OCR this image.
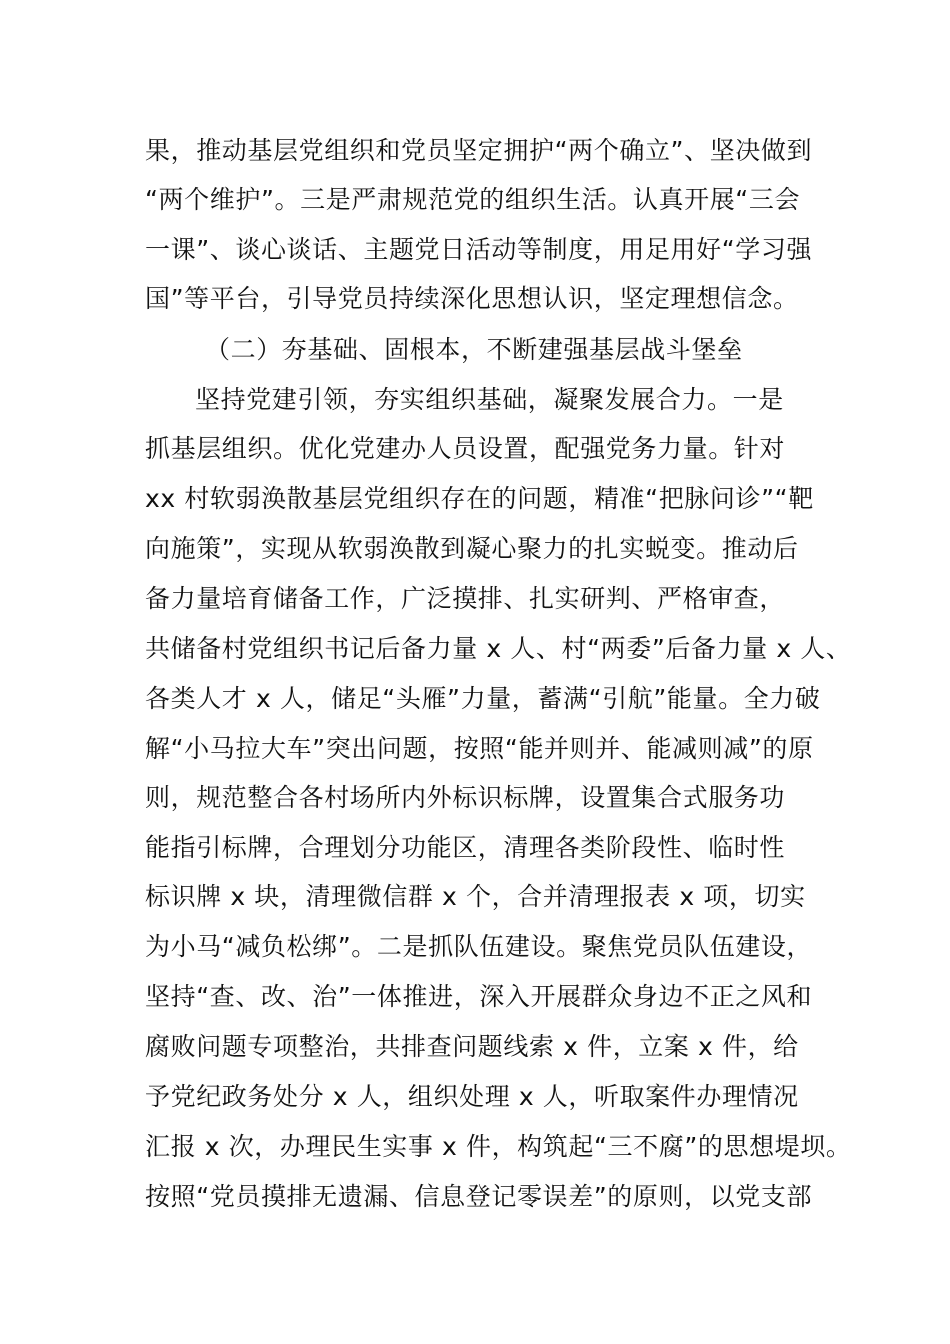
果，推动基层党组织和党员坚定拥护“两个确立”、坚决做到
“两个维护”。三是严肃规范党的组织生活。认真开展“三会
一课”、谈心谈话、主题党日活动等制度，用足用好“学习强
国”等平台，引导党员持续深化思想认识，坚定理想信念。
（二）夯基础、固根本，不断建强基层战斗堡垒
坚持党建引领，夯实组织基础，凝聚发展合力。一是
抓基层组织。优化党建办人员设置，配强党务力量。针对
xx 村软弱涣散基层党组织存在的问题，精准“把脉问诊”“靶
向施策”，实现从软弱涣散到凝心聚力的扎实蜕变。推动后
备力量培育储备工作，广泛摸排、扎实研判、严格审查，
共储备村党组织书记后备力量 x 人、村“两委”后备力量 x 人、
各类人才 x 人，储足“头雁”力量，蓄满“引航”能量。全力破
解“小马拉大车”突出问题，按照“能并则并、能减则减”的原
则，规范整合各村场所内外标识标牌，设置集合式服务功
能指引标牌，合理划分功能区，清理各类阶段性、临时性
标识牌 x 块，清理微信群 x 个，合并清理报表 x 项，切实
为小马“减负松绑”。二是抓队伍建设。聚焦党员队伍建设，
坚持“查、改、治”一体推进，深入开展群众身边不正之风和
腐败问题专项整治，共排查问题线索 x 件，立案 x 件，给
予党纪政务处分 x 人，组织处理 x 人，听取案件办理情况
汇报 x 次，办理民生实事 x 件，构筑起“三不腐”的思想堤坝。
按照“党员摸排无遗漏、信息登记零误差”的原则，以党支部
